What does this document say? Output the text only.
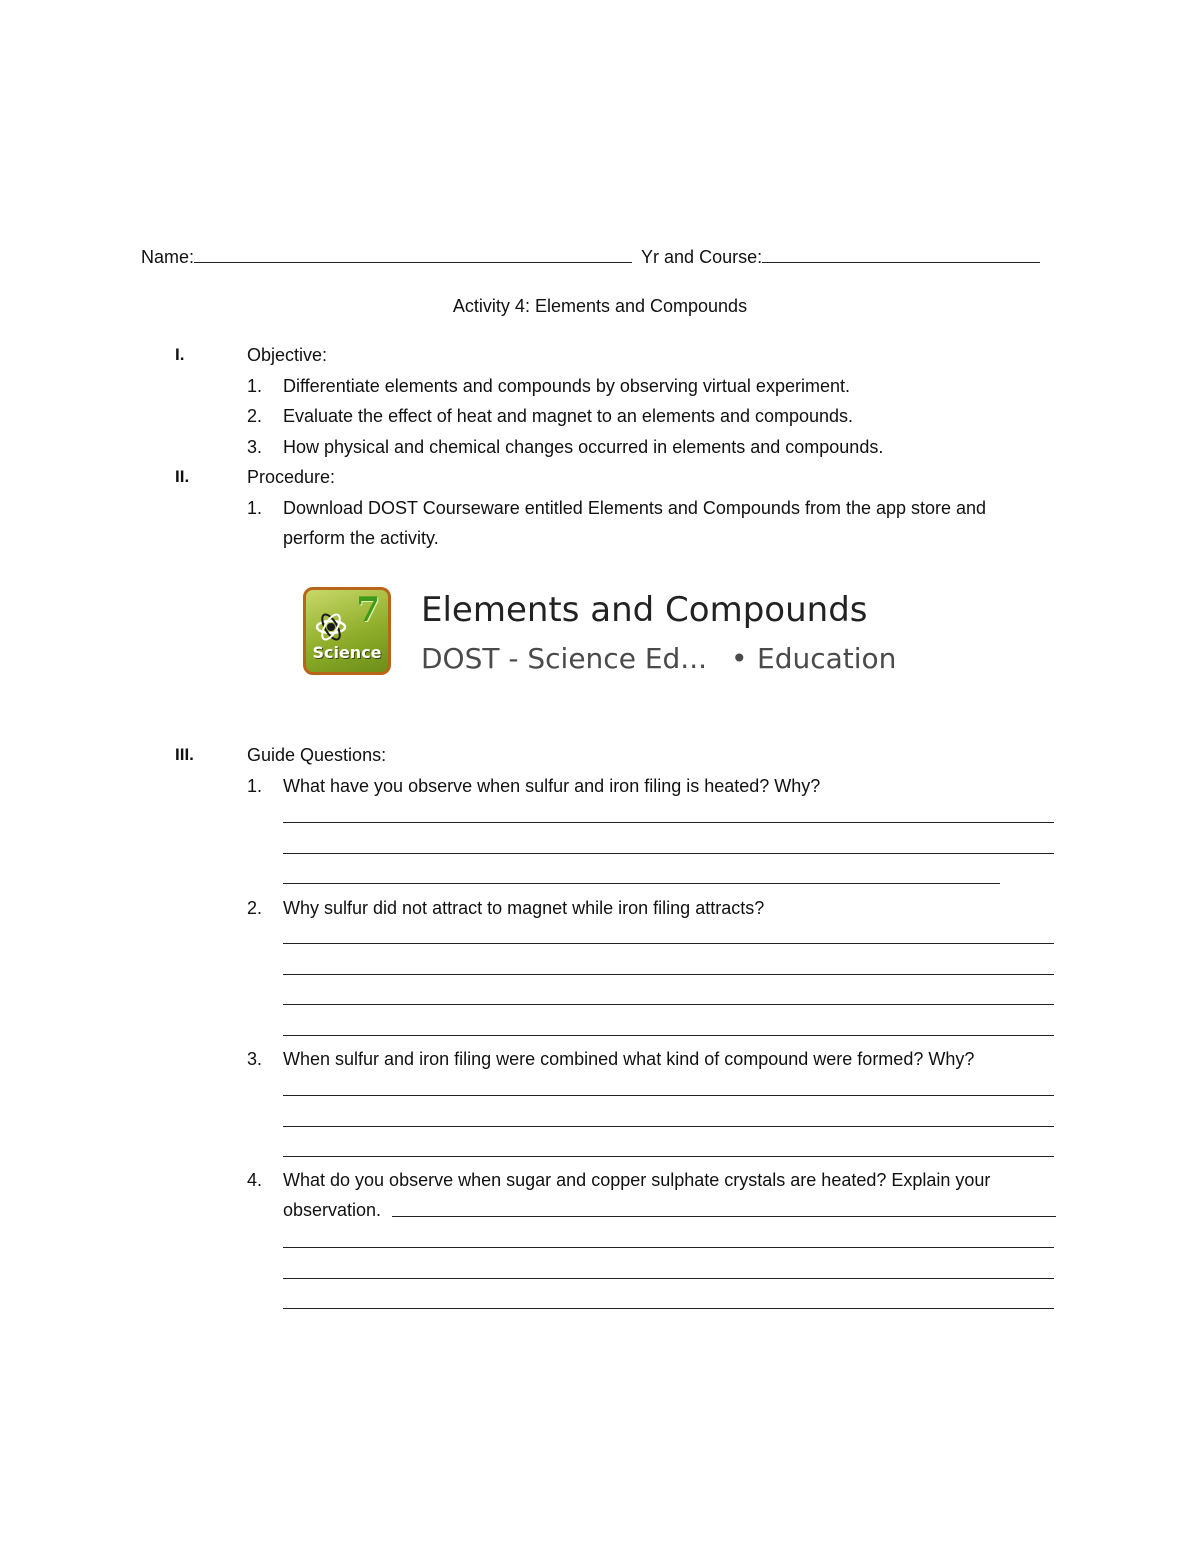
Name:	Yr and Course:
Activity 4: Elements and Compounds
I.	Objective:
1. Differentiate elements and compounds by observing virtual experiment.
2. Evaluate the effect of heat and magnet to an elements and compounds.
3. How physical and chemical changes occurred in elements and compounds.
II.	Procedure:
1. Download DOST Courseware entitled Elements and Compounds from the app store and
perform the activity.
7
Science
Elements and Compounds
DOST - Science Ed... • Education
III.	Guide Questions:
1. What have you observe when sulfur and iron filing is heated? Why?
2. Why sulfur did not attract to magnet while iron filing attracts?
3. When sulfur and iron filing were combined what kind of compound were formed? Why?
4. What do you observe when sugar and copper sulphate crystals are heated? Explain your
observation.
